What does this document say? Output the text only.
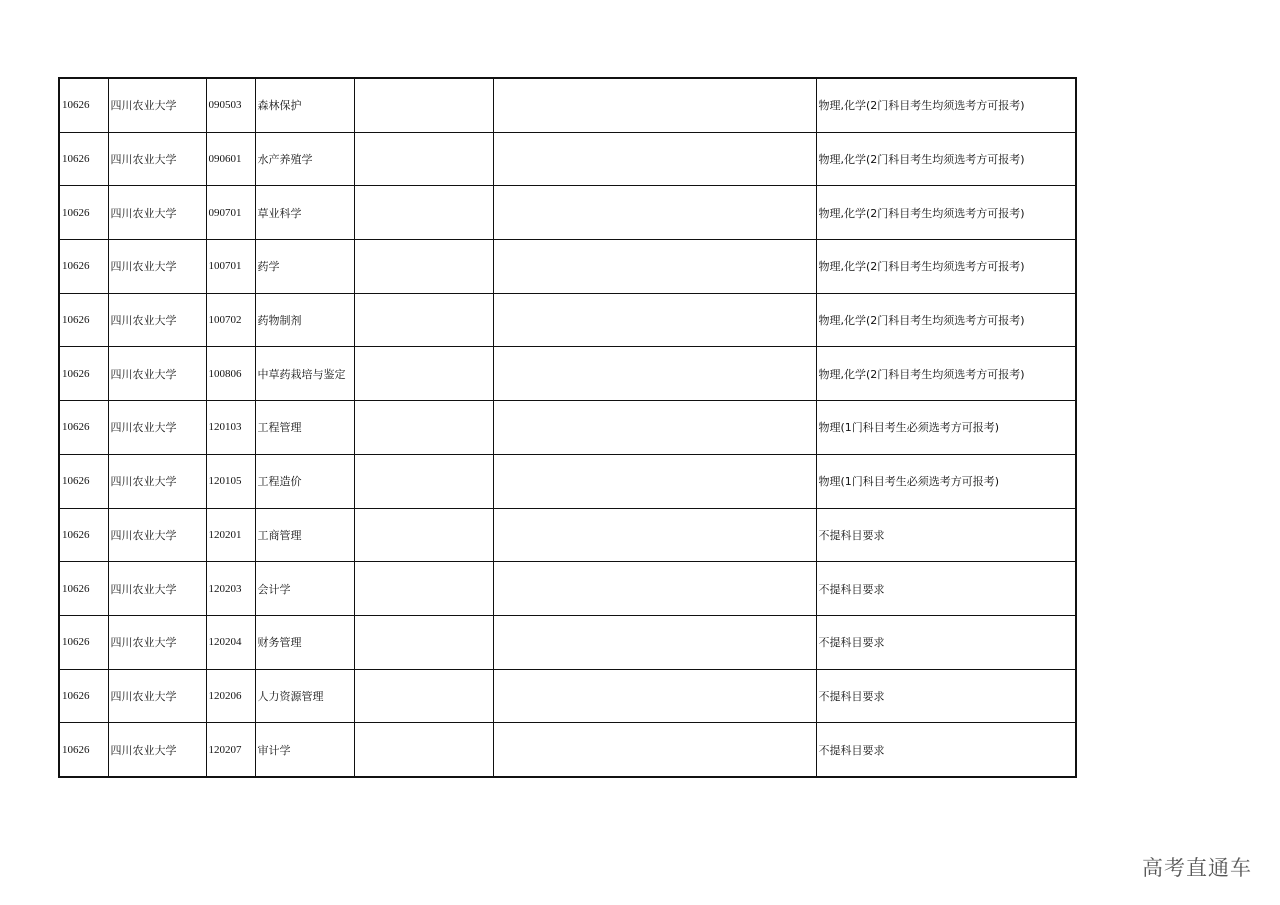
10626	四川农业大学	090503	森林保护			物理,化学(2门科目考生均须选考方可报考)
10626	四川农业大学	090601	水产养殖学			物理,化学(2门科目考生均须选考方可报考)
10626	四川农业大学	090701	草业科学			物理,化学(2门科目考生均须选考方可报考)
10626	四川农业大学	100701	药学			物理,化学(2门科目考生均须选考方可报考)
10626	四川农业大学	100702	药物制剂			物理,化学(2门科目考生均须选考方可报考)
10626	四川农业大学	100806	中草药栽培与鉴定			物理,化学(2门科目考生均须选考方可报考)
10626	四川农业大学	120103	工程管理			物理(1门科目考生必须选考方可报考)
10626	四川农业大学	120105	工程造价			物理(1门科目考生必须选考方可报考)
10626	四川农业大学	120201	工商管理			不提科目要求
10626	四川农业大学	120203	会计学			不提科目要求
10626	四川农业大学	120204	财务管理			不提科目要求
10626	四川农业大学	120206	人力资源管理			不提科目要求
10626	四川农业大学	120207	审计学			不提科目要求
高考直通车
